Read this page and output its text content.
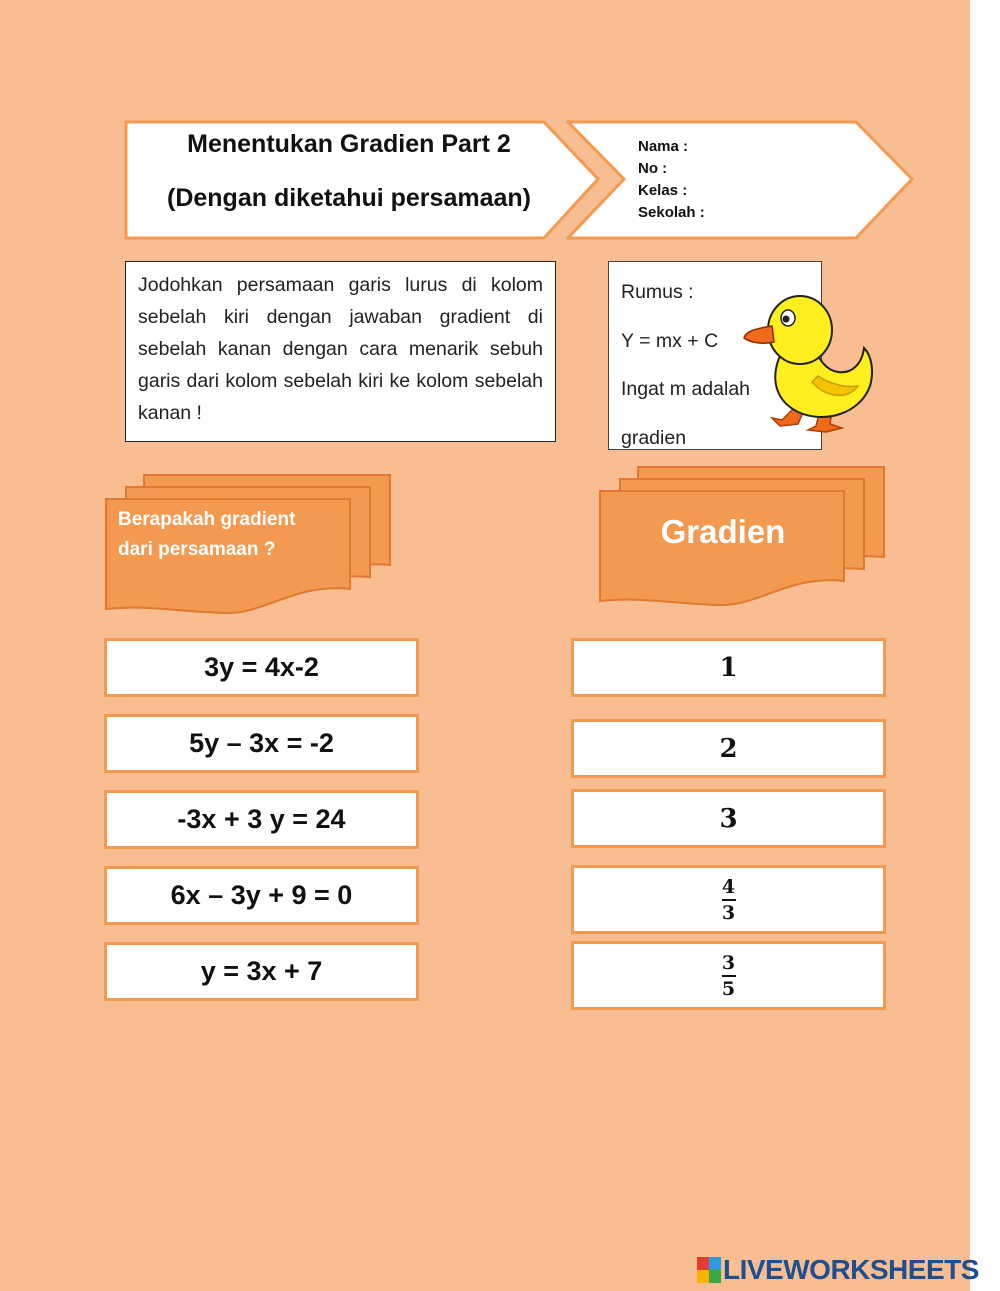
Menentukan Gradien Part 2
(Dengan diketahui persamaan)
Nama :
No :
Kelas :
Sekolah :
Jodohkan persamaan garis lurus di kolom sebelah kiri dengan jawaban gradient di sebelah kanan dengan cara menarik sebuh garis dari kolom sebelah kiri ke kolom sebelah kanan !
Rumus :
Y = mx + C
Ingat m adalah
gradien
Berapakah gradient
dari persamaan ?	Gradien
3y = 4x-2
5y – 3x = -2
-3x + 3 y = 24
6x – 3y + 9 = 0
y = 3x + 7
1
2
3
$\frac{4}{3}$
$\frac{3}{5}$
LIVEWORKSHEETS
